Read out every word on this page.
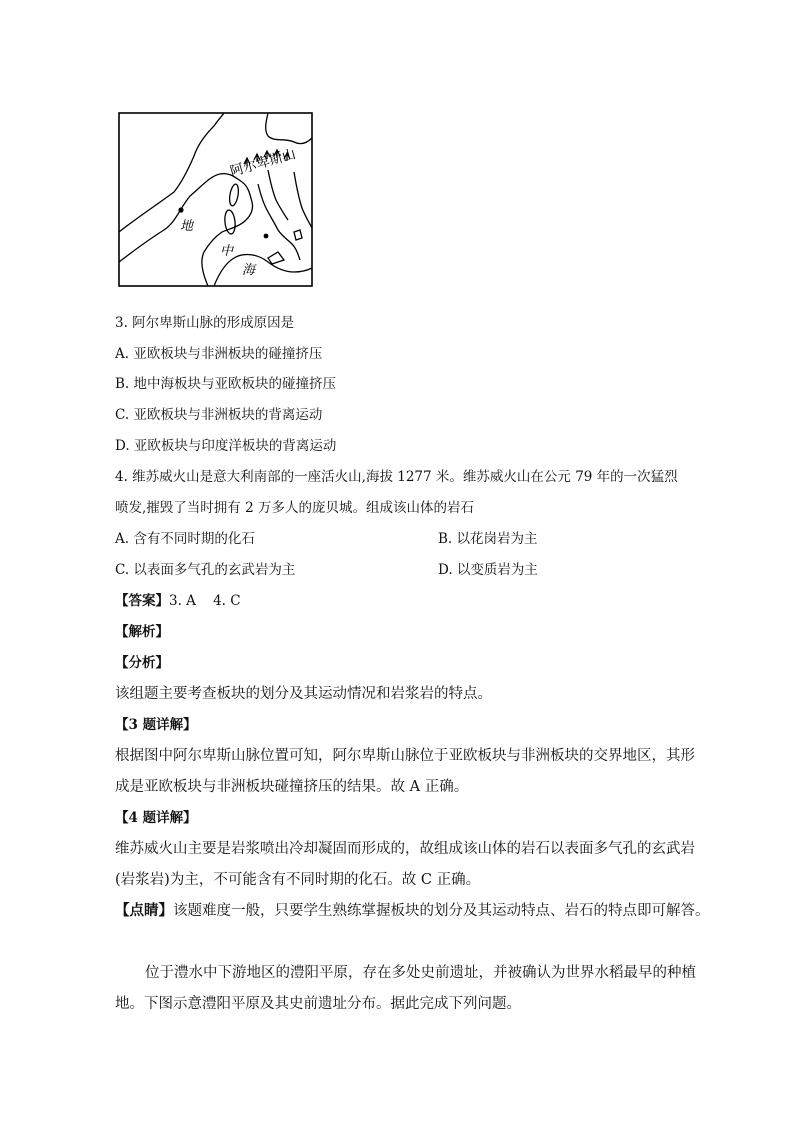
阿尔卑斯山
地
中
海
3. 阿尔卑斯山脉的形成原因是
A. 亚欧板块与非洲板块的碰撞挤压
B. 地中海板块与亚欧板块的碰撞挤压
C. 亚欧板块与非洲板块的背离运动
D. 亚欧板块与印度洋板块的背离运动
4. 维苏威火山是意大利南部的一座活火山,海拔 1277 米。维苏威火山在公元 79 年的一次猛烈
喷发,摧毁了当时拥有 2 万多人的庞贝城。组成该山体的岩石
A. 含有不同时期的化石	B. 以花岗岩为主
C. 以表面多气孔的玄武岩为主	D. 以变质岩为主
【答案】3. A    4. C
【解析】
【分析】
该组题主要考查板块的划分及其运动情况和岩浆岩的特点。
【3 题详解】
根据图中阿尔卑斯山脉位置可知，阿尔卑斯山脉位于亚欧板块与非洲板块的交界地区，其形
成是亚欧板块与非洲板块碰撞挤压的结果。故 A 正确。
【4 题详解】
维苏威火山主要是岩浆喷出冷却凝固而形成的，故组成该山体的岩石以表面多气孔的玄武岩
(岩浆岩)为主，不可能含有不同时期的化石。故 C 正确。
【点睛】该题难度一般，只要学生熟练掌握板块的划分及其运动特点、岩石的特点即可解答。
位于澧水中下游地区的澧阳平原，存在多处史前遗址，并被确认为世界水稻最早的种植
地。下图示意澧阳平原及其史前遗址分布。据此完成下列问题。
